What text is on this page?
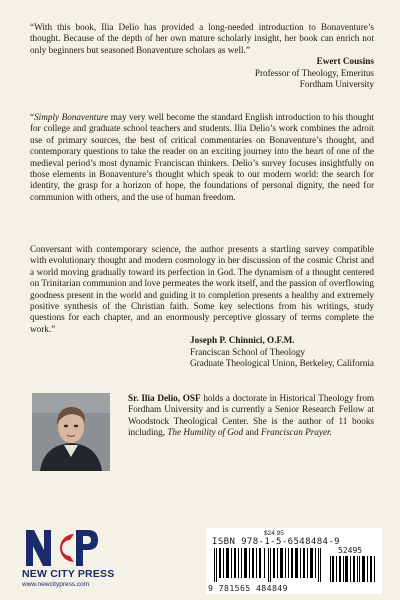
“With this book, Ilia Delio has provided a long-needed introduction to Bonaventure’s thought. Because of the depth of her own mature scholarly insight, her book can enrich not only beginners but seasoned Bonaventure scholars as well.”

Ewert Cousins
Professor of Theology, Emeritus
Fordham University

“Simply Bonaventure may very well become the standard English introduction to his thought for college and graduate school teachers and students. Ilia Delio’s work combines the adroit use of primary sources, the best of critical commentaries on Bonaventure’s thought, and contemporary questions to take the reader on an exciting journey into the heart of one of the medieval period’s most dynamic Franciscan thinkers. Delio’s survey focuses insightfully on those elements in Bonaventure’s thought which speak to our modern world: the search for identity, the grasp for a horizon of hope, the foundations of personal dignity, the need for communion with others, and the use of human freedom.

Conversant with contemporary science, the author presents a startling survey compatible with evolutionary thought and modern cosmology in her discussion of the cosmic Christ and a world moving gradually toward its perfection in God. The dynamism of a thought centered on Trinitarian communion and love permeates the work itself, and the passion of overflowing goodness present in the world and guiding it to completion presents a healthy and extremely positive synthesis of the Christian faith. Some key selections from his writings, study questions for each chapter, and an enormously perceptive glossary of terms complete the work.”

Joseph P. Chinnici, O.F.M.
Franciscan School of Theology
Graduate Theological Union, Berkeley, California
Sr. Ilia Delio, OSF holds a doctorate in Historical Theology from Fordham University and is currently a Senior Research Fellow at Woodstock Theological Center. She is the author of 11 books including, The Humility of God and Franciscan Prayer.
NEW CITY PRESS
www.newcitypress.com
$24.95
ISBN 978-1-5-6548484-9
52495
9 781565 484849
